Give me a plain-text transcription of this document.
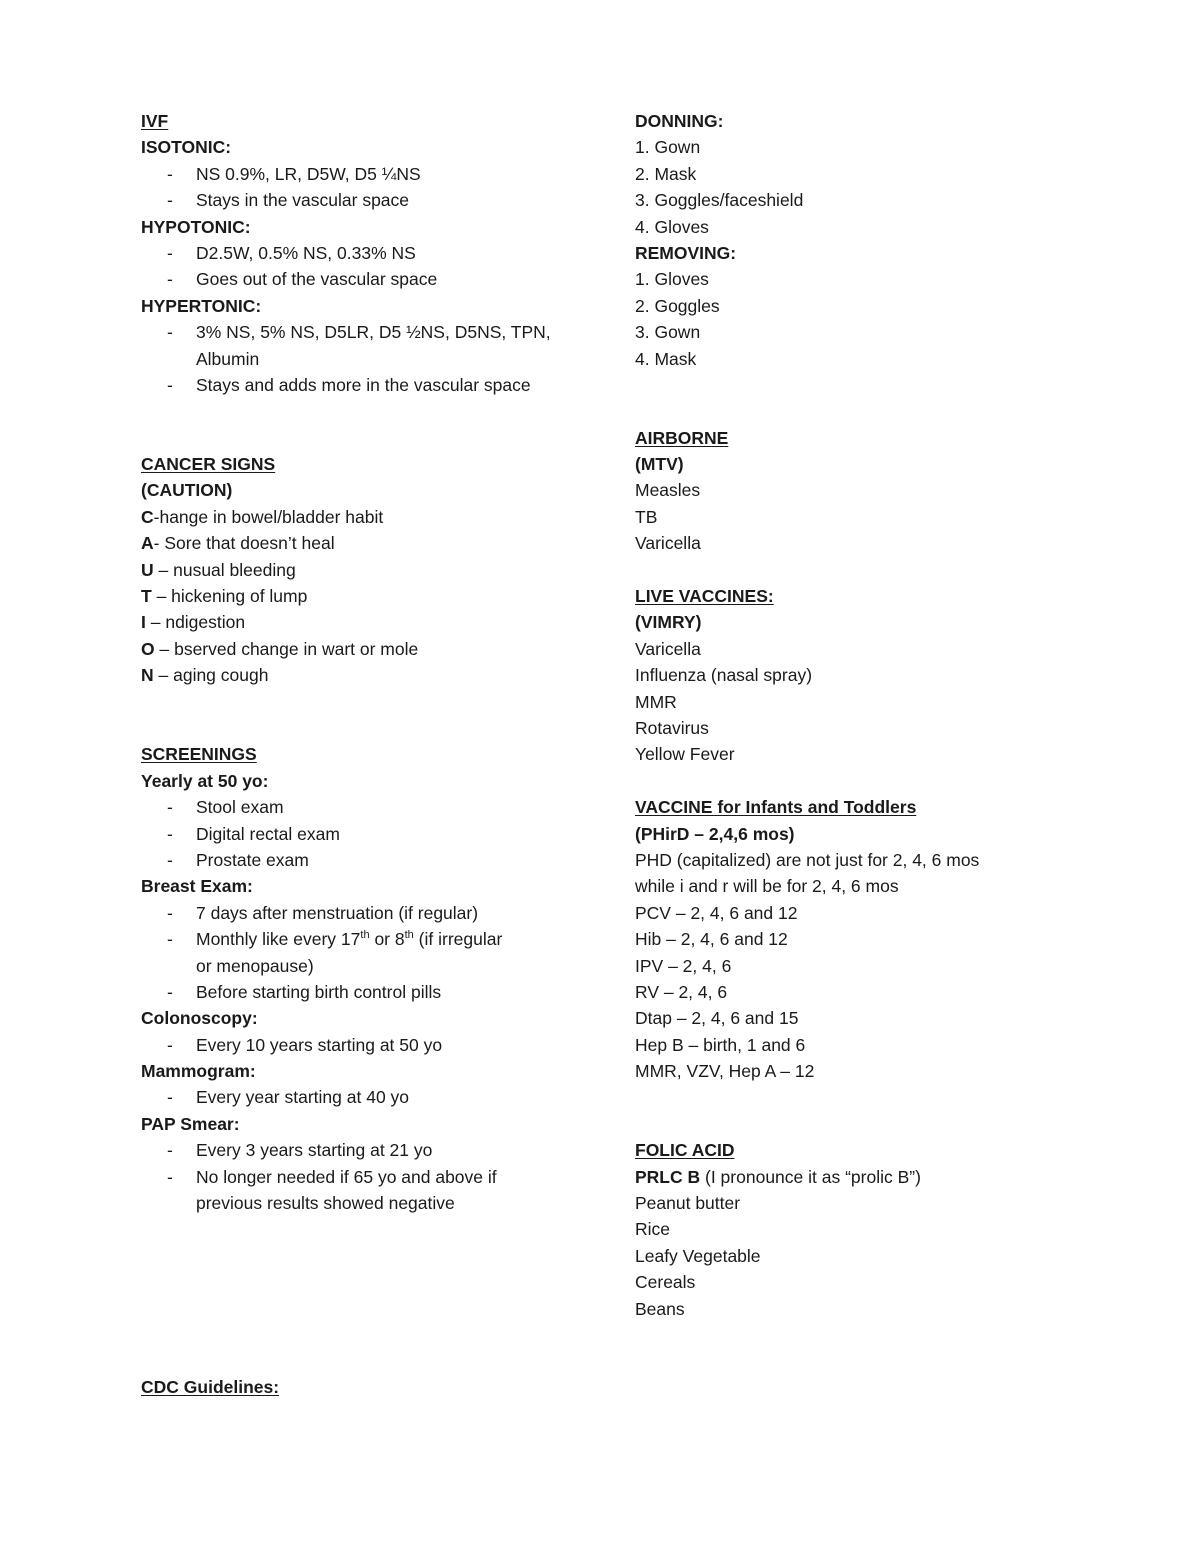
IVF
ISOTONIC:
- NS 0.9%, LR, D5W, D5 ¼NS
- Stays in the vascular space
HYPOTONIC:
- D2.5W, 0.5% NS, 0.33% NS
- Goes out of the vascular space
HYPERTONIC:
- 3% NS, 5% NS, D5LR, D5 ½NS, D5NS, TPN,
Albumin
- Stays and adds more in the vascular space
CANCER SIGNS
(CAUTION)
C-hange in bowel/bladder habit
A- Sore that doesn’t heal
U – nusual bleeding
T – hickening of lump
I – ndigestion
O – bserved change in wart or mole
N – aging cough
SCREENINGS
Yearly at 50 yo:
- Stool exam
- Digital rectal exam
- Prostate exam
Breast Exam:
- 7 days after menstruation (if regular)
- Monthly like every 17th or 8th (if irregular
or menopause)
- Before starting birth control pills
Colonoscopy:
- Every 10 years starting at 50 yo
Mammogram:
- Every year starting at 40 yo
PAP Smear:
- Every 3 years starting at 21 yo
- No longer needed if 65 yo and above if
previous results showed negative
DONNING:
1. Gown
2. Mask
3. Goggles/faceshield
4. Gloves
REMOVING:
1. Gloves
2. Goggles
3. Gown
4. Mask
AIRBORNE
(MTV)
Measles
TB
Varicella
LIVE VACCINES:
(VIMRY)
Varicella
Influenza (nasal spray)
MMR
Rotavirus
Yellow Fever
VACCINE for Infants and Toddlers
(PHirD – 2,4,6 mos)
PHD (capitalized) are not just for 2, 4, 6 mos
while i and r will be for 2, 4, 6 mos
PCV – 2, 4, 6 and 12
Hib – 2, 4, 6 and 12
IPV – 2, 4, 6
RV – 2, 4, 6
Dtap – 2, 4, 6 and 15
Hep B – birth, 1 and 6
MMR, VZV, Hep A – 12
FOLIC ACID
PRLC B (I pronounce it as “prolic B”)
Peanut butter
Rice
Leafy Vegetable
Cereals
Beans
CDC Guidelines:
